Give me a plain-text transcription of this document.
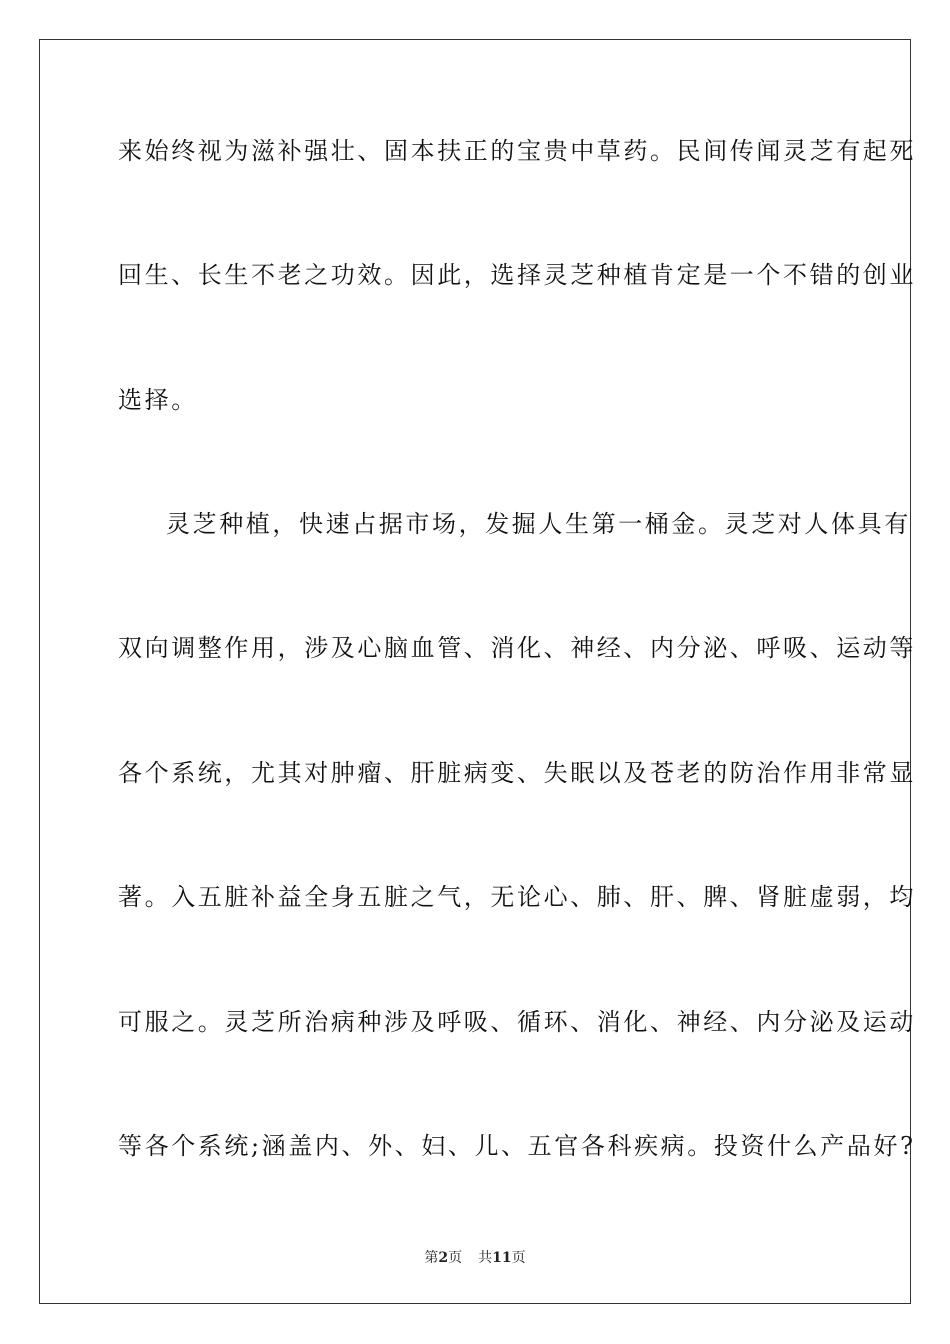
来始终视为滋补强壮、固本扶正的宝贵中草药。民间传闻灵芝有起死
回生、长生不老之功效。因此，选择灵芝种植肯定是一个不错的创业
选择。
灵芝种植，快速占据市场，发掘人生第一桶金。灵芝对人体具有
双向调整作用，涉及心脑血管、消化、神经、内分泌、呼吸、运动等
各个系统，尤其对肿瘤、肝脏病变、失眠以及苍老的防治作用非常显
著。入五脏补益全身五脏之气，无论心、肺、肝、脾、肾脏虚弱，均
可服之。灵芝所治病种涉及呼吸、循环、消化、神经、内分泌及运动
等各个系统;涵盖内、外、妇、儿、五官各科疾病。投资什么产品好?
第2页 共11页
